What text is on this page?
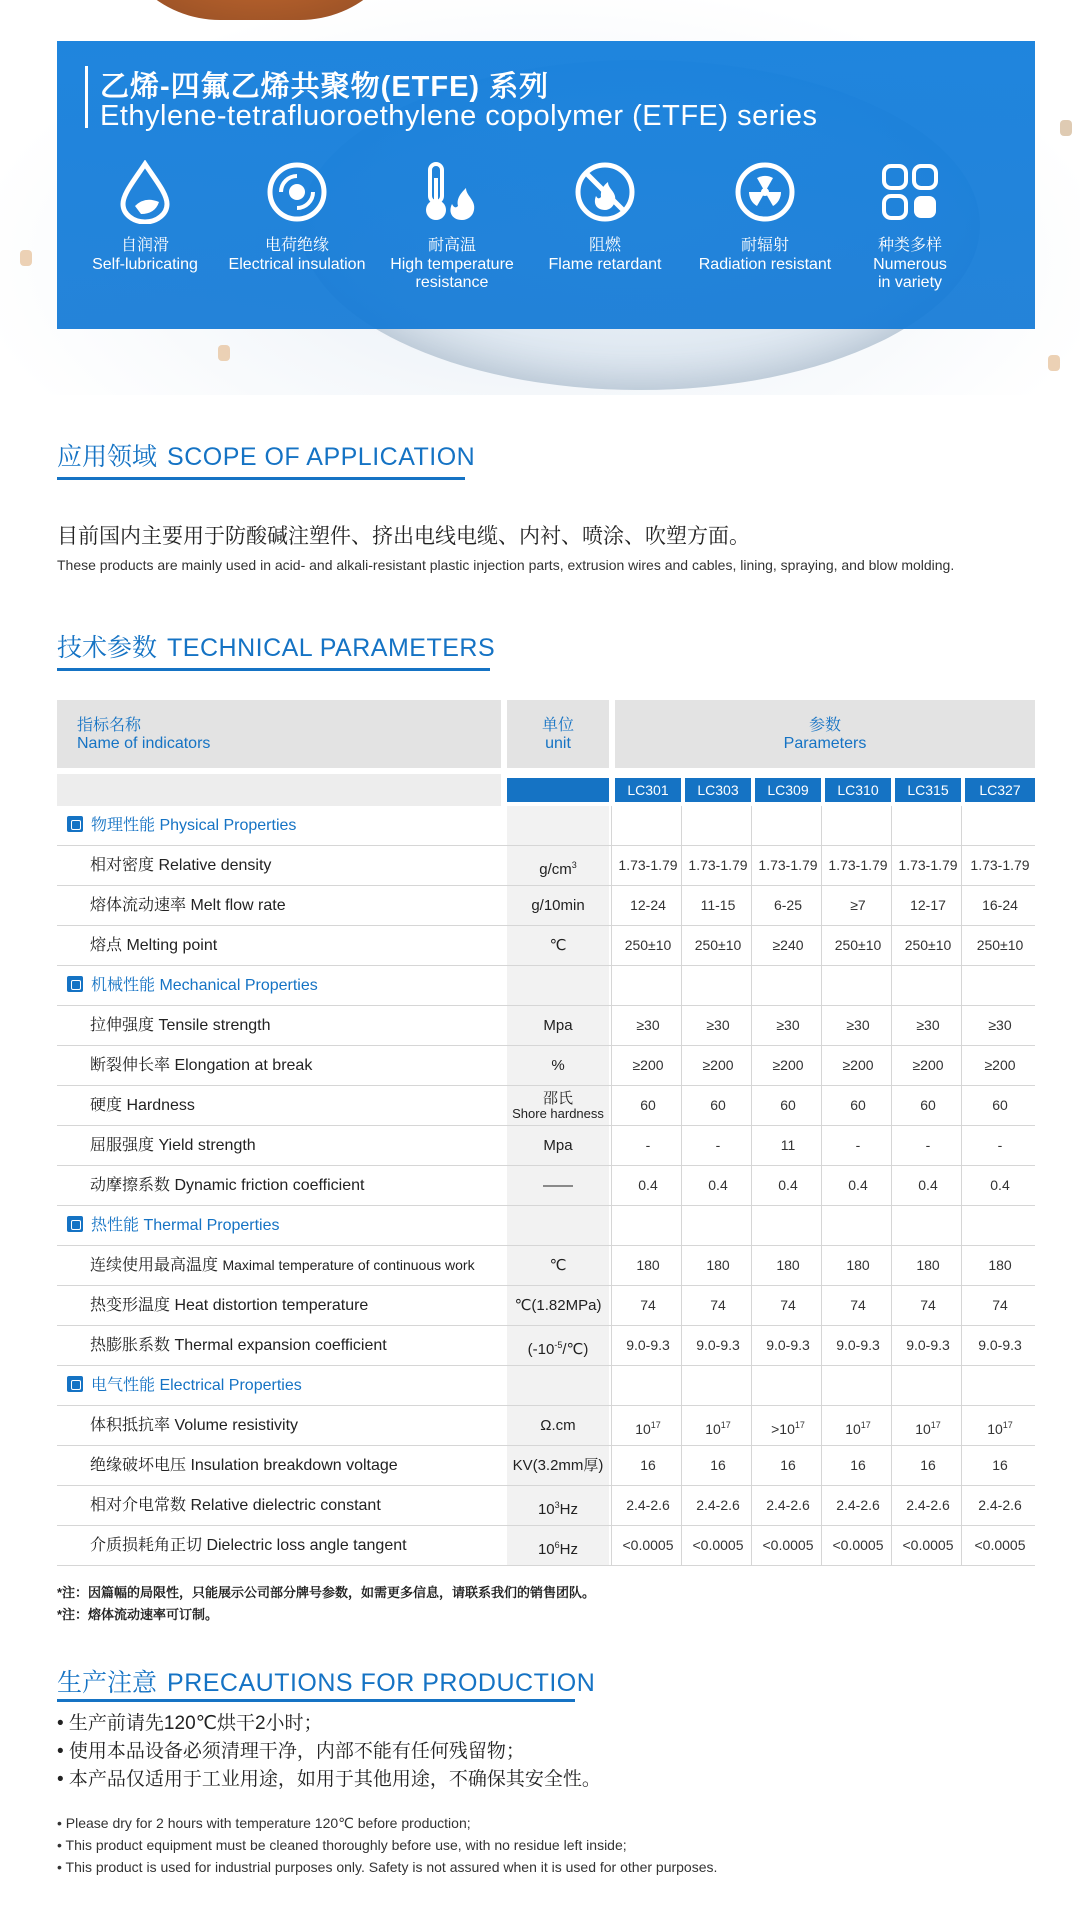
乙烯-四氟乙烯共聚物(ETFE) 系列
Ethylene-tetrafluoroethylene copolymer (ETFE) series
自润滑
Self-lubricating
电荷绝缘
Electrical insulation
耐高温
High temperature
resistance
阻燃
Flame retardant
耐辐射
Radiation resistant
种类多样
Numerous
in variety
应用领域 SCOPE OF APPLICATION
目前国内主要用于防酸碱注塑件、挤出电线电缆、内衬、喷涂、吹塑方面。
These products are mainly used in acid- and alkali-resistant plastic injection parts, extrusion wires and cables, lining, spraying, and blow molding.
技术参数 TECHNICAL PARAMETERS
指标名称
Name of indicators
单位
unit
参数
Parameters
LC301	LC303	LC309	LC310	LC315	LC327
物理性能 Physical Properties
相对密度 Relative density	$g/cm^3$	1.73-1.79 1.73-1.79 1.73-1.79 1.73-1.79 1.73-1.79 1.73-1.79
熔体流动速率 Melt flow rate	g/10min	12-24	11-15	6-25	≥7	12-17	16-24
熔点 Melting point	℃	250±10	250±10	≥240	250±10	250±10	250±10
机械性能 Mechanical Properties
拉伸强度 Tensile strength	Mpa	≥30	≥30	≥30	≥30	≥30	≥30
断裂伸长率 Elongation at break	%	≥200	≥200	≥200	≥200	≥200	≥200
硬度 Hardness	邵氏
Shore hardness
60	60	60	60	60	60
屈服强度 Yield strength	Mpa	-	-	11	-	-	-
动摩擦系数 Dynamic friction coefficient	——	0.4	0.4	0.4	0.4	0.4	0.4
热性能 Thermal Properties
连续使用最高温度 Maximal temperature of continuous work	℃	180	180	180	180	180	180
热变形温度 Heat distortion temperature	℃(1.82MPa)	74	74	74	74	74	74
热膨胀系数 Thermal expansion coefficient	$(-10^{-5}/℃)$	9.0-9.3	9.0-9.3	9.0-9.3	9.0-9.3	9.0-9.3	9.0-9.3
电气性能 Electrical Properties
体积抵抗率 Volume resistivity	Ω.cm	$10^{17}$	$10^{17}$	$>10^{17}$	$10^{17}$	$10^{17}$	$10^{17}$
绝缘破坏电压 Insulation breakdown voltage	KV(3.2mm厚)	16	16	16	16	16	16
相对介电常数 Relative dielectric constant	$10^3Hz$	2.4-2.6	2.4-2.6	2.4-2.6	2.4-2.6	2.4-2.6	2.4-2.6
介质损耗角正切 Dielectric loss angle tangent	$10^6Hz$	<0.0005	<0.0005	<0.0005	<0.0005	<0.0005	<0.0005
*注：因篇幅的局限性，只能展示公司部分牌号参数，如需更多信息，请联系我们的销售团队。
*注：熔体流动速率可订制。
生产注意 PRECAUTIONS FOR PRODUCTION
• 生产前请先120℃烘干2小时；
• 使用本品设备必须清理干净，内部不能有任何残留物；
• 本产品仅适用于工业用途，如用于其他用途，不确保其安全性。
• Please dry for 2 hours with temperature 120℃ before production;
• This product equipment must be cleaned thoroughly before use, with no residue left inside;
• This product is used for industrial purposes only. Safety is not assured when it is used for other purposes.
